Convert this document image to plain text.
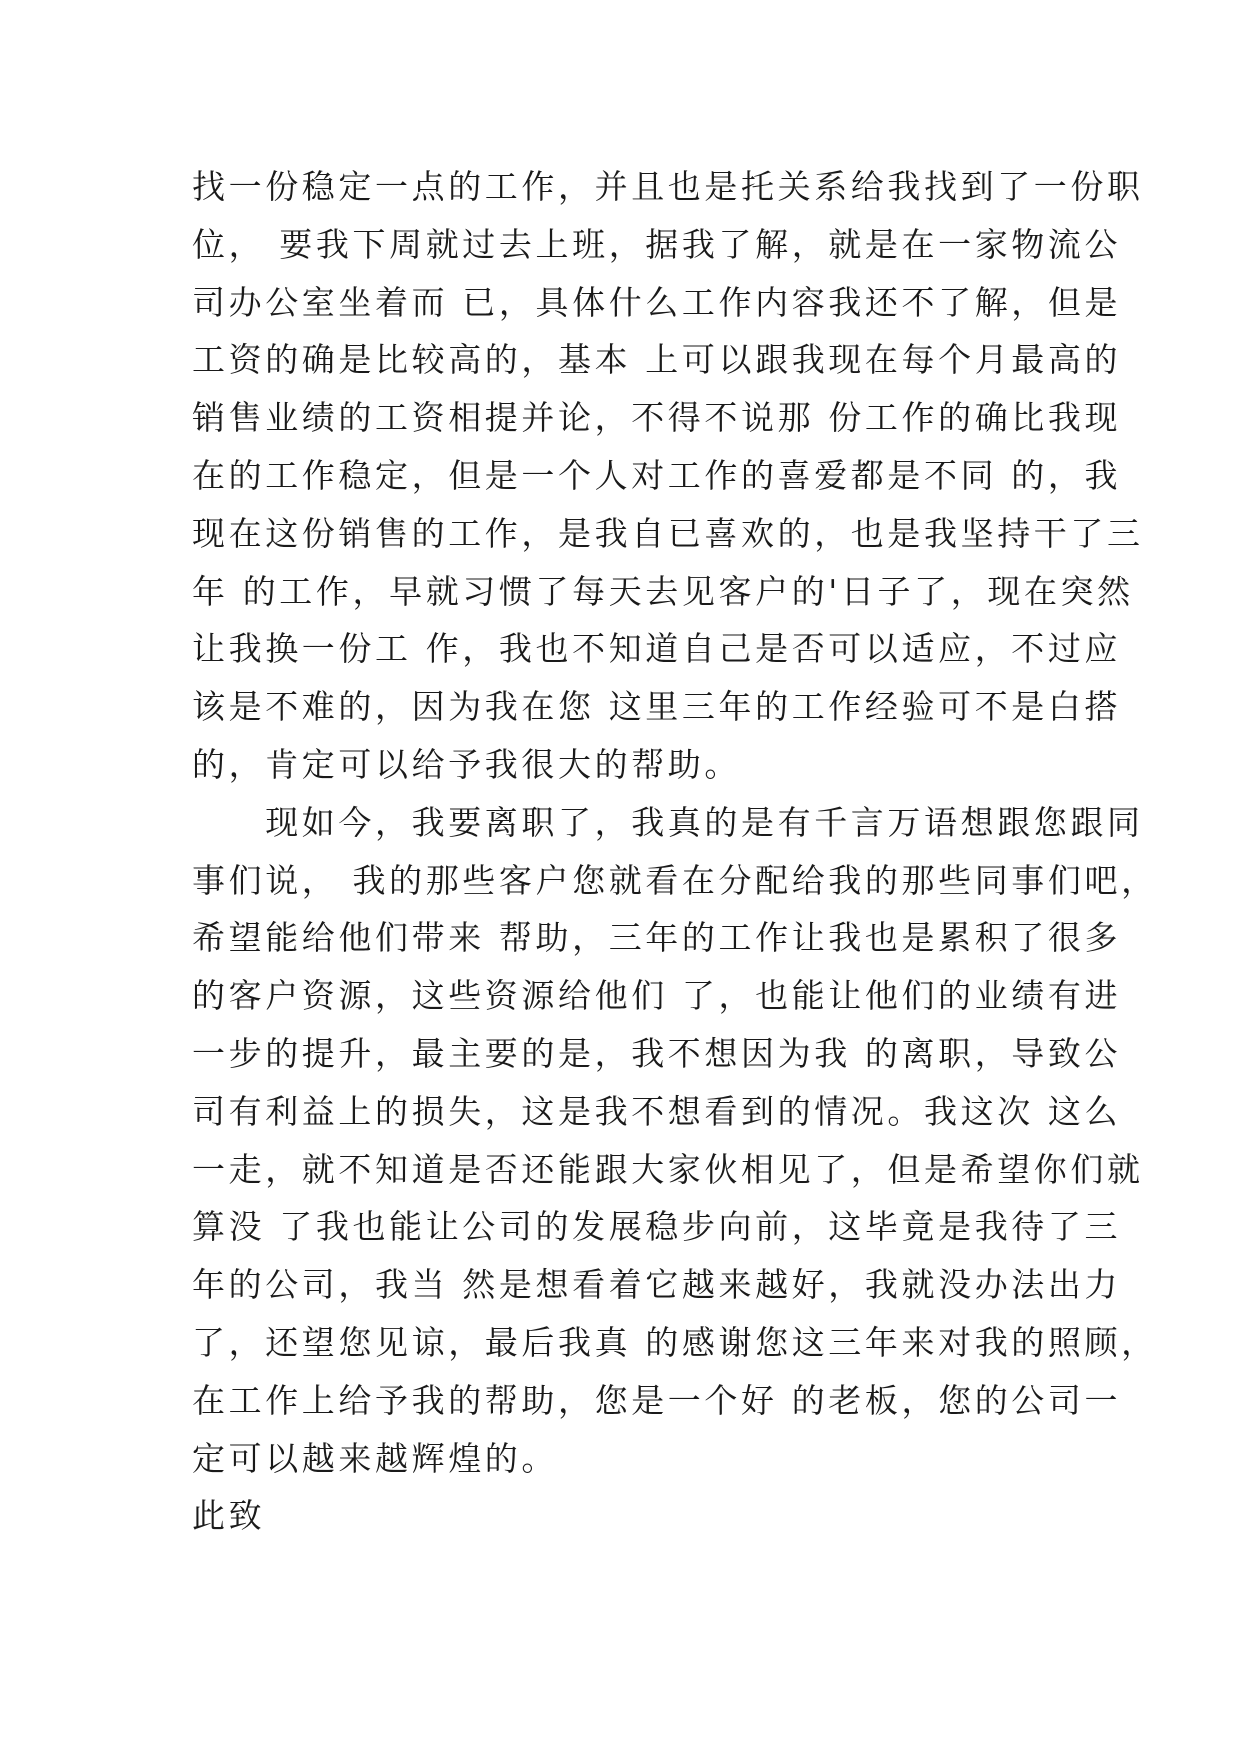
找一份稳定一点的工作，并且也是托关系给我找到了一份职
位， 要我下周就过去上班，据我了解，就是在一家物流公
司办公室坐着而 已，具体什么工作内容我还不了解，但是
工资的确是比较高的，基本 上可以跟我现在每个月最高的
销售业绩的工资相提并论，不得不说那 份工作的确比我现
在的工作稳定，但是一个人对工作的喜爱都是不同 的，我
现在这份销售的工作，是我自已喜欢的，也是我坚持干了三
年 的工作，早就习惯了每天去见客户的'日子了，现在突然
让我换一份工 作，我也不知道自己是否可以适应，不过应
该是不难的，因为我在您 这里三年的工作经验可不是白搭
的，肯定可以给予我很大的帮助。
　　现如今，我要离职了，我真的是有千言万语想跟您跟同
事们说， 我的那些客户您就看在分配给我的那些同事们吧，
希望能给他们带来 帮助，三年的工作让我也是累积了很多
的客户资源，这些资源给他们 了，也能让他们的业绩有进
一步的提升，最主要的是，我不想因为我 的离职，导致公
司有利益上的损失，这是我不想看到的情况。我这次 这么
一走，就不知道是否还能跟大家伙相见了，但是希望你们就
算没 了我也能让公司的发展稳步向前，这毕竟是我待了三
年的公司，我当 然是想看着它越来越好，我就没办法出力
了，还望您见谅，最后我真 的感谢您这三年来对我的照顾，
在工作上给予我的帮助，您是一个好 的老板，您的公司一
定可以越来越辉煌的。
此致
